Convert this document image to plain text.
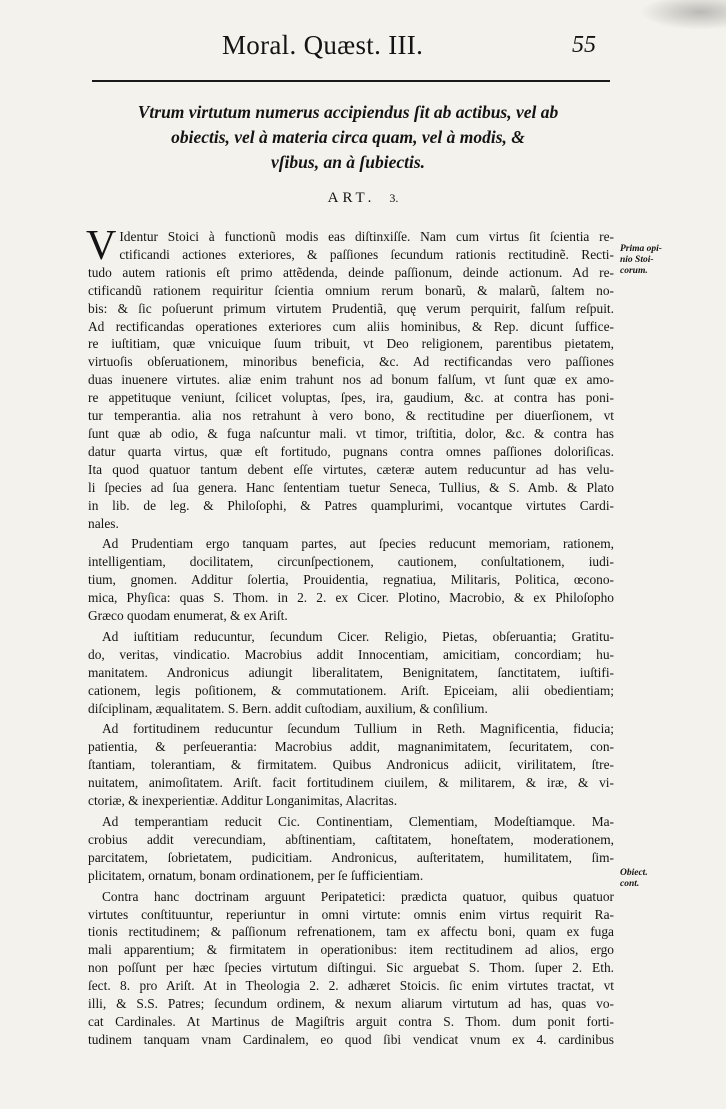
Moral. Quæst. III.	55
Vtrum virtutum numerus accipiendus ſit ab actibus, vel ab
obiectis, vel à materia circa quam, vel à modis, &
vſibus, an à ſubiectis.
ART. 3.
Prima opi-
nio Stoi-
corum.
Obiect.
cont.
V Identur Stoici à functionũ modis eas diſtinxiſſe. Nam cum virtus ſit ſcientia re-
ctificandi actiones exteriores, & paſſiones ſecundum rationis rectitudinẽ. Recti-
tudo autem rationis eſt primo attẽdenda, deinde paſſionum, deinde actionum. Ad re-
ctificandũ rationem requiritur ſcientia omnium rerum bonarũ, & malarũ, ſaltem no-
bis: & ſic poſuerunt primum virtutem Prudentiã, quę verum perquirit, falſum reſpuit.
Ad rectificandas operationes exteriores cum aliis hominibus, & Rep. dicunt ſuffice-
re iuſtitiam, quæ vnicuique ſuum tribuit, vt Deo religionem, parentibus pietatem,
virtuoſis obſeruationem, minoribus beneficia, &c. Ad rectificandas vero paſſiones
duas inuenere virtutes. aliæ enim trahunt nos ad bonum falſum, vt ſunt quæ ex amo-
re appetituque veniunt, ſcilicet voluptas, ſpes, ira, gaudium, &c. at contra has poni-
tur temperantia. alia nos retrahunt à vero bono, & rectitudine per diuerſionem, vt
ſunt quæ ab odio, & fuga naſcuntur mali. vt timor, triſtitia, dolor, &c. & contra has
datur quarta virtus, quæ eſt fortitudo, pugnans contra omnes paſſiones doloriſicas.
Ita quod quatuor tantum debent eſſe virtutes, cæteræ autem reducuntur ad has velu-
li ſpecies ad ſua genera. Hanc ſententiam tuetur Seneca, Tullius, & S. Amb. & Plato
in lib. de leg. & Philoſophi, & Patres quamplurimi, vocantque virtutes Cardi-
nales.
Ad Prudentiam ergo tanquam partes, aut ſpecies reducunt memoriam, rationem,
intelligentiam, docilitatem, circunſpectionem, cautionem, conſultationem, iudi-
tium, gnomen. Additur ſolertia, Prouidentia, regnatiua, Militaris, Politica, œcono-
mica, Phyſica: quas S. Thom. in 2. 2. ex Cicer. Plotino, Macrobio, & ex Philoſopho
Græco quodam enumerat, & ex Ariſt.
Ad iuſtitiam reducuntur, ſecundum Cicer. Religio, Pietas, obſeruantia; Gratitu-
do, veritas, vindicatio. Macrobius addit Innocentiam, amicitiam, concordiam; hu-
manitatem. Andronicus adiungit liberalitatem, Benignitatem, ſanctitatem, iuſtifi-
cationem, legis poſitionem, & commutationem. Ariſt. Epiceiam, alii obedientiam;
diſciplinam, æqualitatem. S. Bern. addit cuſtodiam, auxilium, & conſilium.
Ad fortitudinem reducuntur ſecundum Tullium in Reth. Magnificentia, fiducia;
patientia, & perſeuerantia: Macrobius addit, magnanimitatem, ſecuritatem, con-
ſtantiam, tolerantiam, & firmitatem. Quibus Andronicus adiicit, virilitatem, ſtre-
nuitatem, animoſitatem. Ariſt. facit fortitudinem ciuilem, & militarem, & iræ, & vi-
ctoriæ, & inexperientiæ. Additur Longanimitas, Alacritas.
Ad temperantiam reducit Cic. Continentiam, Clementiam, Modeſtiamque. Ma-
crobius addit verecundiam, abſtinentiam, caſtitatem, honeſtatem, moderationem,
parcitatem, ſobrietatem, pudicitiam. Andronicus, auſteritatem, humilitatem, ſim-
plicitatem, ornatum, bonam ordinationem, per ſe ſufficientiam.
Contra hanc doctrinam arguunt Peripatetici: prædicta quatuor, quibus quatuor
virtutes conſtituuntur, reperiuntur in omni virtute: omnis enim virtus requirit Ra-
tionis rectitudinem; & paſſionum refrenationem, tam ex affectu boni, quam ex fuga
mali apparentium; & firmitatem in operationibus: item rectitudinem ad alios, ergo
non poſſunt per hæc ſpecies virtutum diſtingui. Sic arguebat S. Thom. ſuper 2. Eth.
ſect. 8. pro Ariſt. At in Theologia 2. 2. adhæret Stoicis. ſic enim virtutes tractat, vt
illi, & S.S. Patres; ſecundum ordinem, & nexum aliarum virtutum ad has, quas vo-
cat Cardinales. At Martinus de Magiſtris arguit contra S. Thom. dum ponit forti-
tudinem tanquam vnam Cardinalem, eo quod ſibi vendicat vnum ex 4. cardinibus
